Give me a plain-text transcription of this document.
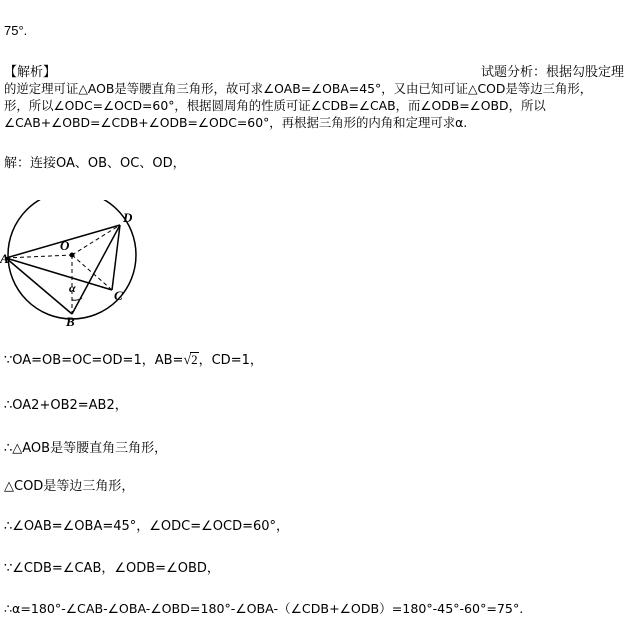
75°.
【解析】	试题分析：根据勾股定理
的逆定理可证△AOB是等腰直角三角形，故可求∠OAB=∠OBA=45°，又由已知可证△COD是等边三角形，
形，所以∠ODC=∠OCD=60°，根据圆周角的性质可证∠CDB=∠CAB，而∠ODB=∠OBD，所以
∠CAB+∠OBD=∠CDB+∠ODB=∠ODC=60°，再根据三角形的内角和定理可求α.
解：连接OA、OB、OC、OD，
O
A
B
C
D
α
∵OA=OB=OC=OD=1，AB=√2，CD=1，
∴OA2+OB2=AB2，
∴△AOB是等腰直角三角形，
△COD是等边三角形，
∴∠OAB=∠OBA=45°，∠ODC=∠OCD=60°，
∵∠CDB=∠CAB，∠ODB=∠OBD，
∴α=180°-∠CAB-∠OBA-∠OBD=180°-∠OBA-（∠CDB+∠ODB）=180°-45°-60°=75°.
